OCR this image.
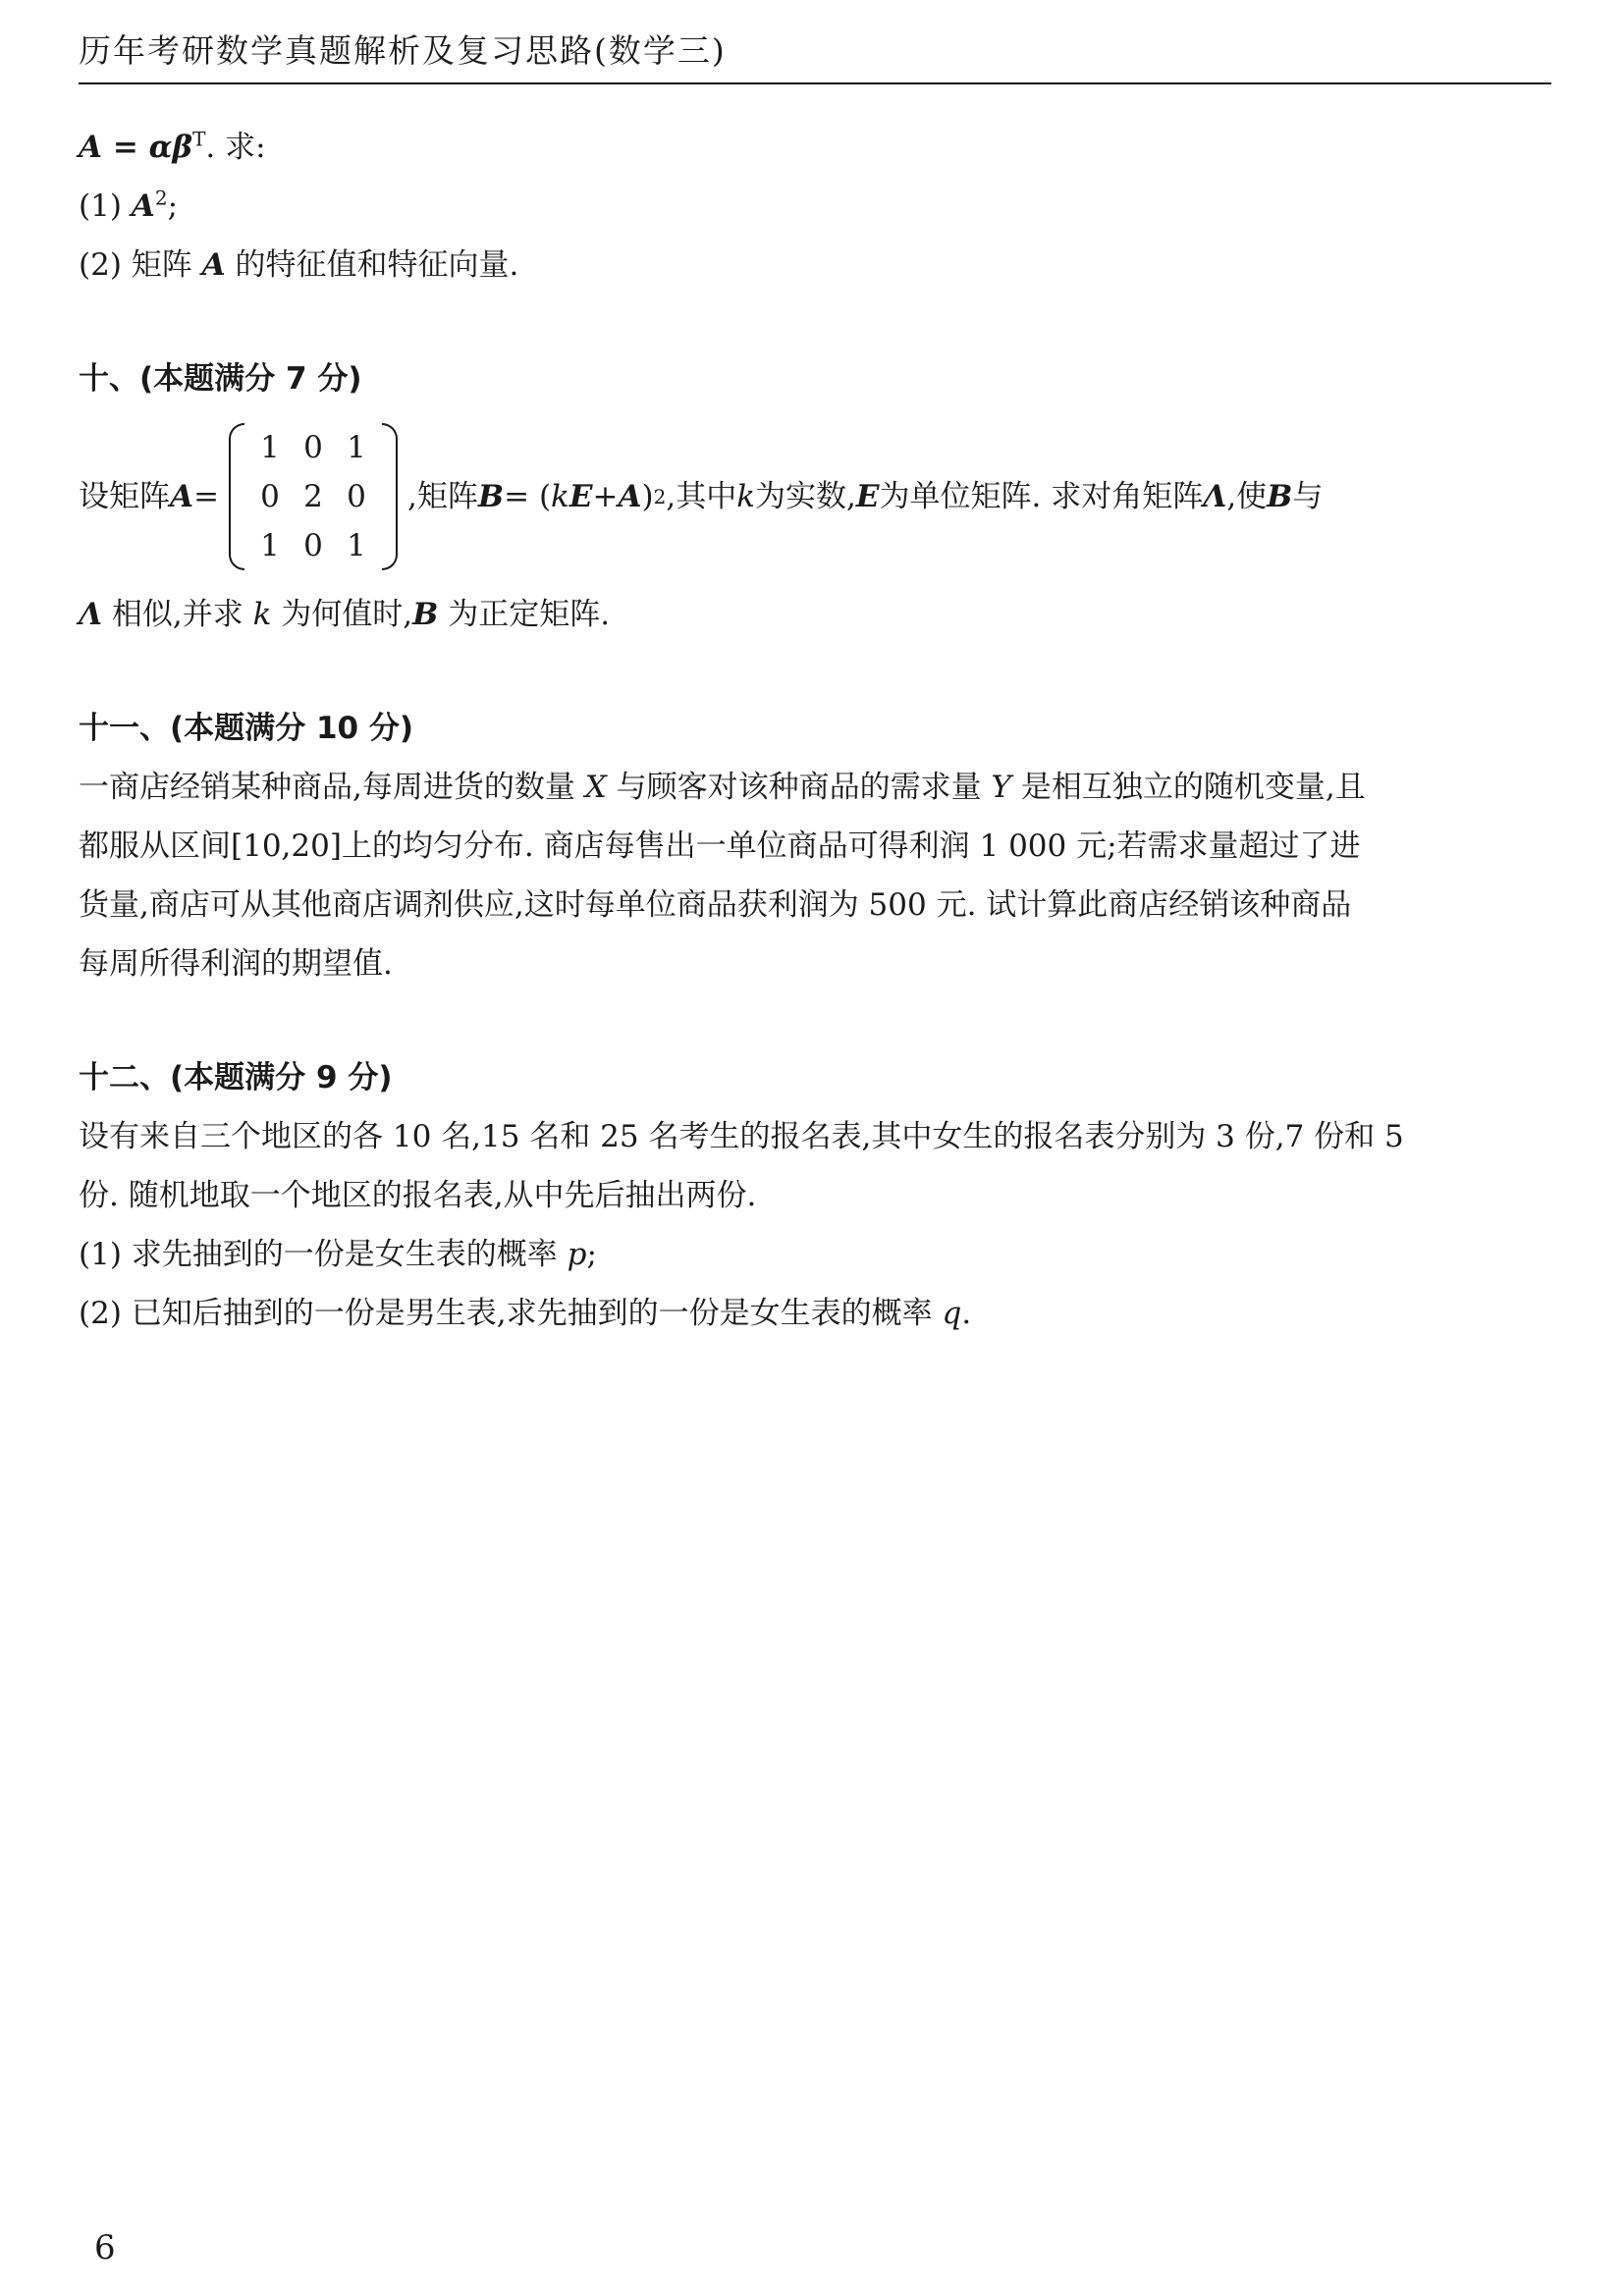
历年考研数学真题解析及复习思路(数学三)

$A = \alpha\beta^T$. 求:

(1) $A^2$;

(2) 矩阵 A 的特征值和特征向量.

十、(本题满分 7 分)

设矩阵 A =
1	0	1
0	2	0
1	0	1
,矩阵 B = ( k E + A ) 2 ,其中 k 为实数, E 为单位矩阵. 求对角矩阵 Λ ,使 B 与

Λ 相似,并求 k 为何值时,B 为正定矩阵.

十一、(本题满分 10 分)

一商店经销某种商品,每周进货的数量 X 与顾客对该种商品的需求量 Y 是相互独立的随机变量,且

都服从区间[10,20]上的均匀分布. 商店每售出一单位商品可得利润 1 000 元;若需求量超过了进

货量,商店可从其他商店调剂供应,这时每单位商品获利润为 500 元. 试计算此商店经销该种商品

每周所得利润的期望值.

十二、(本题满分 9 分)

设有来自三个地区的各 10 名,15 名和 25 名考生的报名表,其中女生的报名表分别为 3 份,7 份和 5

份. 随机地取一个地区的报名表,从中先后抽出两份.

(1) 求先抽到的一份是女生表的概率 p;

(2) 已知后抽到的一份是男生表,求先抽到的一份是女生表的概率 q.

6
